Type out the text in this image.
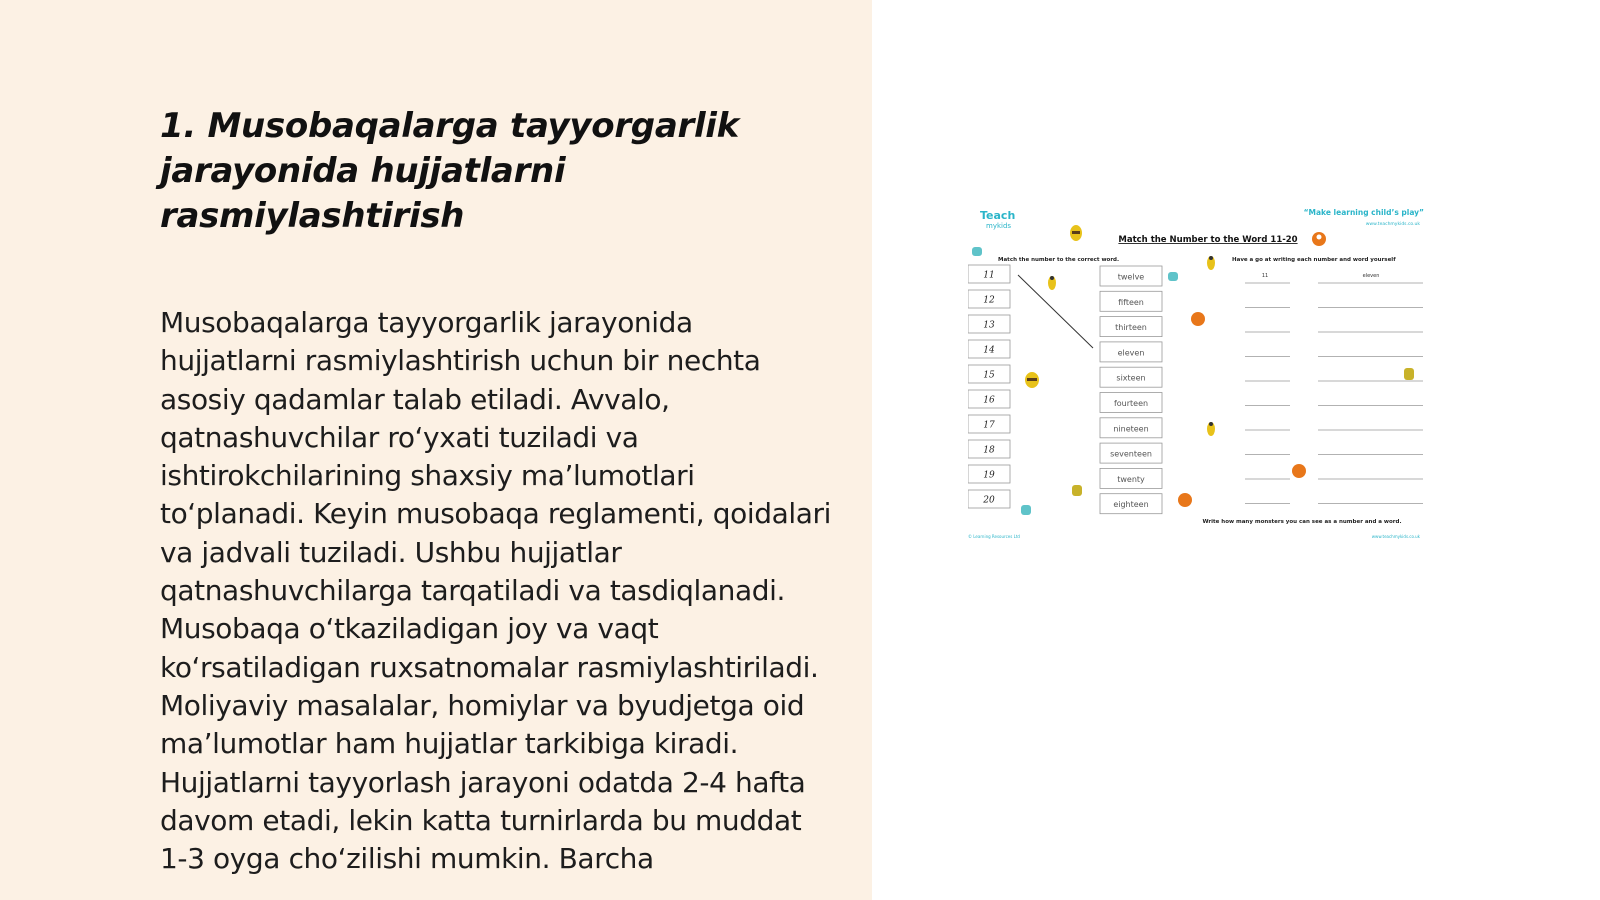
1. Musobaqalarga tayyorgarlik jarayonida hujjatlarni rasmiylashtirish

Musobaqalarga tayyorgarlik jarayonida hujjatlarni rasmiylashtirish uchun bir nechta asosiy qadamlar talab etiladi. Avvalo, qatnashuvchilar ro‘yxati tuziladi va ishtirokchilarining shaxsiy ma’lumotlari to‘planadi. Keyin musobaqa reglamenti, qoidalari va jadvali tuziladi. Ushbu hujjatlar qatnashuvchilarga tarqatiladi va tasdiqlanadi. Musobaqa o‘tkaziladigan joy va vaqt ko‘rsatiladigan ruxsatnomalar rasmiylashtiriladi. Moliyaviy masalalar, homiylar va byudjetga oid ma’lumotlar ham hujjatlar tarkibiga kiradi. Hujjatlarni tayyorlash jarayoni odatda 2-4 hafta davom etadi, lekin katta turnirlarda bu muddat 1-3 oyga cho‘zilishi mumkin. Barcha

Teach
mykids
“Make learning child’s play”
www.teachmykids.co.uk
Match the Number to the Word 11-20
Match the number to the correct word.	Have a go at writing each number and word yourself
11
12
13
14
15
16
17
18
19
20
twelve
fifteen
thirteen
eleven
sixteen
fourteen
nineteen
seventeen
twenty
eighteen
11	eleven
Write how many monsters you can see as a number and a word.
© Learning Resources Ltd	www.teachmykids.co.uk
